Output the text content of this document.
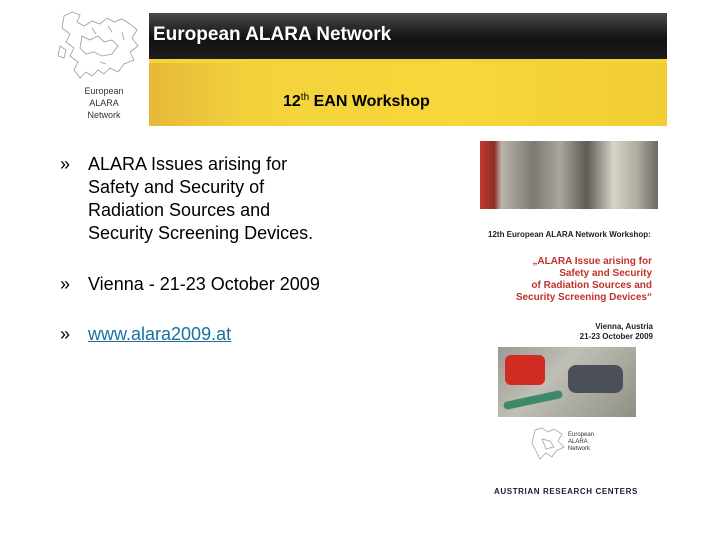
European
ALARA
Network
European ALARA Network
12th EAN Workshop
» ALARA Issues arising for
Safety and Security of
Radiation Sources and
Security Screening Devices.
» Vienna - 21-23 October 2009
» www.alara2009.at
12th European ALARA Network Workshop:
„ALARA Issue arising for
Safety and Security
of Radiation Sources and
Security Screening Devices“
Vienna, Austria
21-23 October 2009
European
ALARA
Network
AUSTRIAN RESEARCH CENTERS
